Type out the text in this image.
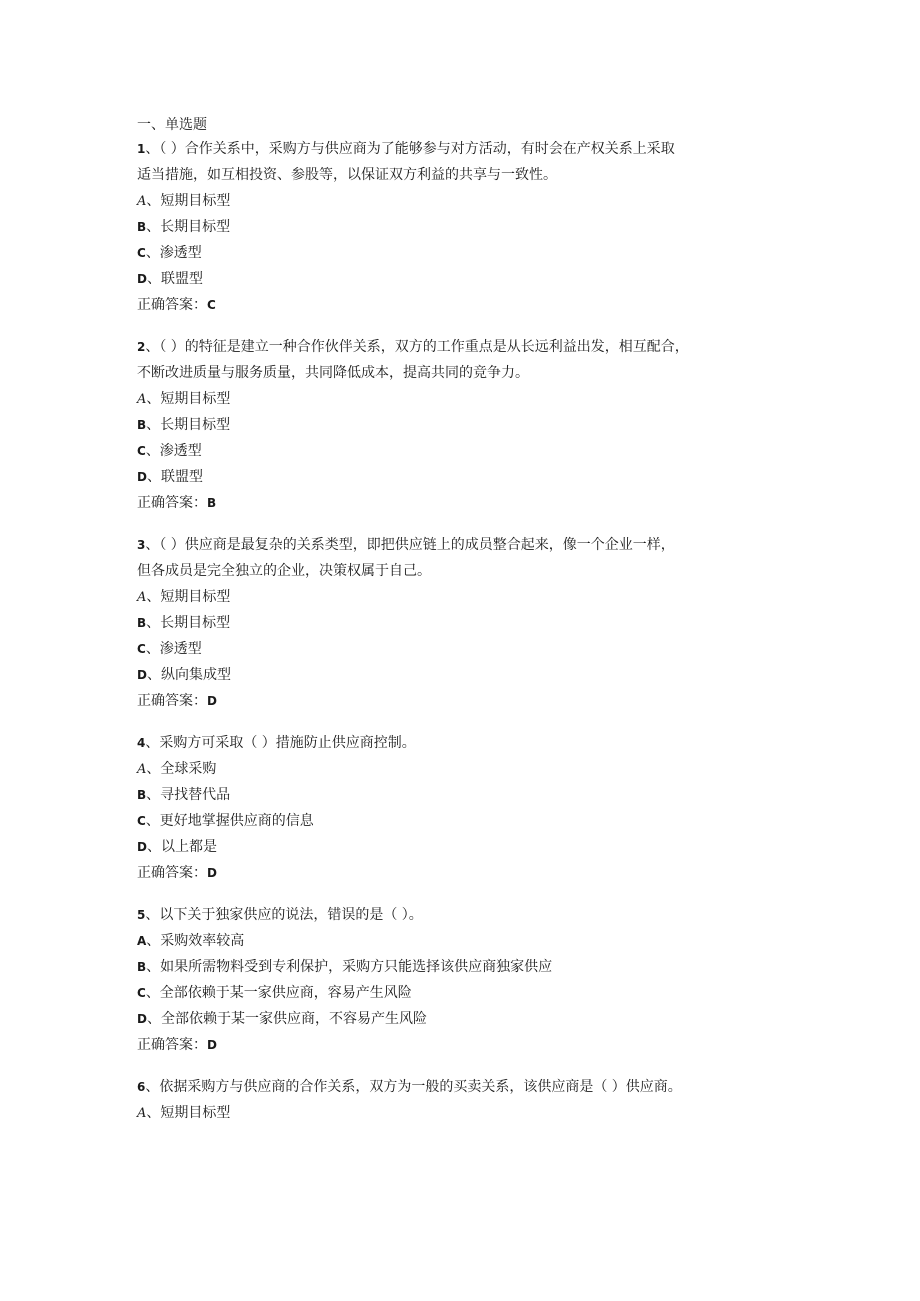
一、单选题
1、（ ）合作关系中，采购方与供应商为了能够参与对方活动，有时会在产权关系上采取
适当措施，如互相投资、参股等，以保证双方利益的共享与一致性。
A、短期目标型
B、长期目标型
C、渗透型
D、联盟型
正确答案：C
2、（ ）的特征是建立一种合作伙伴关系，双方的工作重点是从长远利益出发，相互配合，
不断改进质量与服务质量，共同降低成本，提高共同的竞争力。
A、短期目标型
B、长期目标型
C、渗透型
D、联盟型
正确答案：B
3、（ ）供应商是最复杂的关系类型，即把供应链上的成员整合起来，像一个企业一样，
但各成员是完全独立的企业，决策权属于自己。
A、短期目标型
B、长期目标型
C、渗透型
D、纵向集成型
正确答案：D
4、采购方可采取（ ）措施防止供应商控制。
A、全球采购
B、寻找替代品
C、更好地掌握供应商的信息
D、以上都是
正确答案：D
5、以下关于独家供应的说法，错误的是（ ）。
A、采购效率较高
B、如果所需物料受到专利保护，采购方只能选择该供应商独家供应
C、全部依赖于某一家供应商，容易产生风险
D、全部依赖于某一家供应商，不容易产生风险
正确答案：D
6、依据采购方与供应商的合作关系，双方为一般的买卖关系，该供应商是（ ）供应商。
A、短期目标型
